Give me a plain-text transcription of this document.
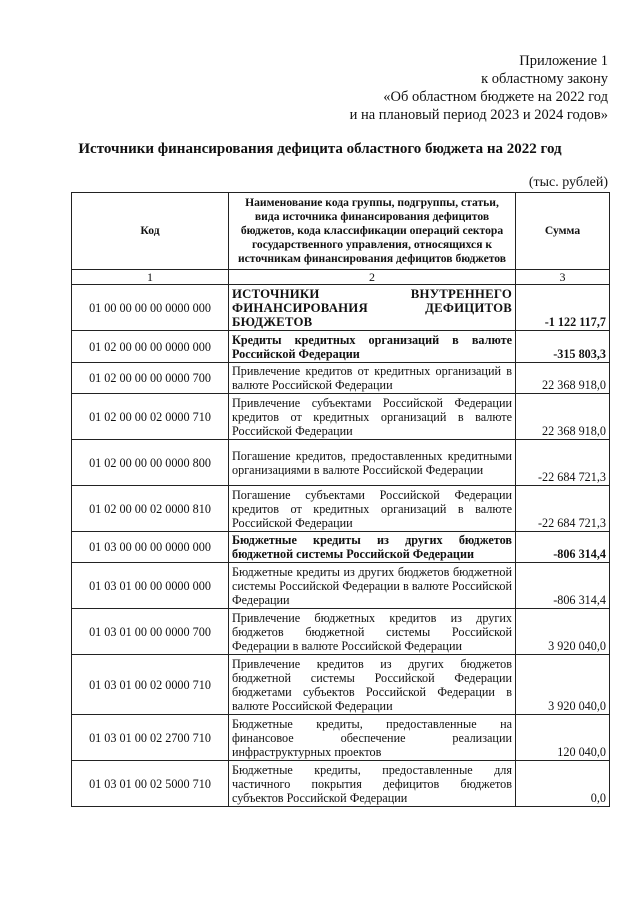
Приложение 1
к областному закону
«Об областном бюджете на 2022 год
и на плановый период 2023 и 2024 годов»
Источники финансирования дефицита областного бюджета на 2022 год
(тыс. рублей)
Код	Наименование кода группы, подгруппы, статьи, вида источника финансирования дефицитов бюджетов, кода классификации операций сектора государственного управления, относящихся к источникам финансирования дефицитов бюджетов	Сумма
1	2	3
01 00 00 00 00 0000 000	ИСТОЧНИКИ ВНУТРЕННЕГО ФИНАНСИРОВАНИЯ ДЕФИЦИТОВ БЮДЖЕТОВ	-1 122 117,7
01 02 00 00 00 0000 000	Кредиты кредитных организаций в валюте Российской Федерации	-315 803,3
01 02 00 00 00 0000 700	Привлечение кредитов от кредитных организаций в валюте Российской Федерации	22 368 918,0
01 02 00 00 02 0000 710	Привлечение субъектами Российской Федерации кредитов от кредитных организаций в валюте Российской Федерации	22 368 918,0
01 02 00 00 00 0000 800	Погашение кредитов, предоставленных кредитными организациями в валюте Российской Федерации	-22 684 721,3
01 02 00 00 02 0000 810	Погашение субъектами Российской Федерации кредитов от кредитных организаций в валюте Российской Федерации	-22 684 721,3
01 03 00 00 00 0000 000	Бюджетные кредиты из других бюджетов бюджетной системы Российской Федерации	-806 314,4
01 03 01 00 00 0000 000	Бюджетные кредиты из других бюджетов бюджетной системы Российской Федерации в валюте Российской Федерации	-806 314,4
01 03 01 00 00 0000 700	Привлечение бюджетных кредитов из других бюджетов бюджетной системы Российской Федерации в валюте Российской Федерации	3 920 040,0
01 03 01 00 02 0000 710	Привлечение кредитов из других бюджетов бюджетной системы Российской Федерации бюджетами субъектов Российской Федерации в валюте Российской Федерации	3 920 040,0
01 03 01 00 02 2700 710	Бюджетные кредиты, предоставленные на финансовое обеспечение реализации инфраструктурных проектов	120 040,0
01 03 01 00 02 5000 710	Бюджетные кредиты, предоставленные для частичного покрытия дефицитов бюджетов субъектов Российской Федерации	0,0
